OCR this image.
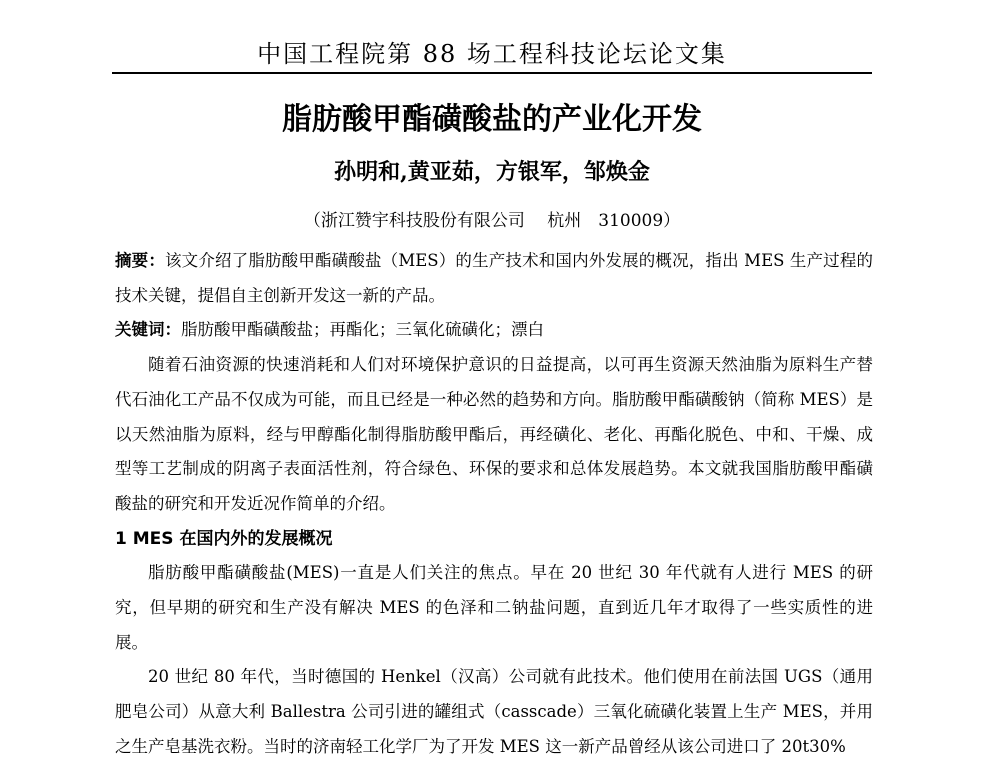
中国工程院第 88 场工程科技论坛论文集
脂肪酸甲酯磺酸盐的产业化开发
孙明和,黄亚茹，方银军，邹焕金
（浙江赞宇科技股份有限公司　 杭州　310009）

摘要：该文介绍了脂肪酸甲酯磺酸盐（MES）的生产技术和国内外发展的概况，指出 MES 生产过程的技术关键，提倡自主创新开发这一新的产品。

关键词：脂肪酸甲酯磺酸盐；再酯化；三氧化硫磺化；漂白

随着石油资源的快速消耗和人们对环境保护意识的日益提高，以可再生资源天然油脂为原料生产替代石油化工产品不仅成为可能，而且已经是一种必然的趋势和方向。脂肪酸甲酯磺酸钠（简称 MES）是以天然油脂为原料，经与甲醇酯化制得脂肪酸甲酯后，再经磺化、老化、再酯化脱色、中和、干燥、成型等工艺制成的阴离子表面活性剂，符合绿色、环保的要求和总体发展趋势。本文就我国脂肪酸甲酯磺酸盐的研究和开发近况作简单的介绍。

1 MES 在国内外的发展概况

脂肪酸甲酯磺酸盐(MES)一直是人们关注的焦点。早在 20 世纪 30 年代就有人进行 MES 的研究，但早期的研究和生产没有解决 MES 的色泽和二钠盐问题，直到近几年才取得了一些实质性的进展。

20 世纪 80 年代，当时德国的 Henkel（汉高）公司就有此技术。他们使用在前法国 UGS（通用肥皂公司）从意大利 Ballestra 公司引进的罐组式（casscade）三氧化硫磺化装置上生产 MES，并用之生产皂基洗衣粉。当时的济南轻工化学厂为了开发 MES 这一新产品曾经从该公司进口了 20t30%
